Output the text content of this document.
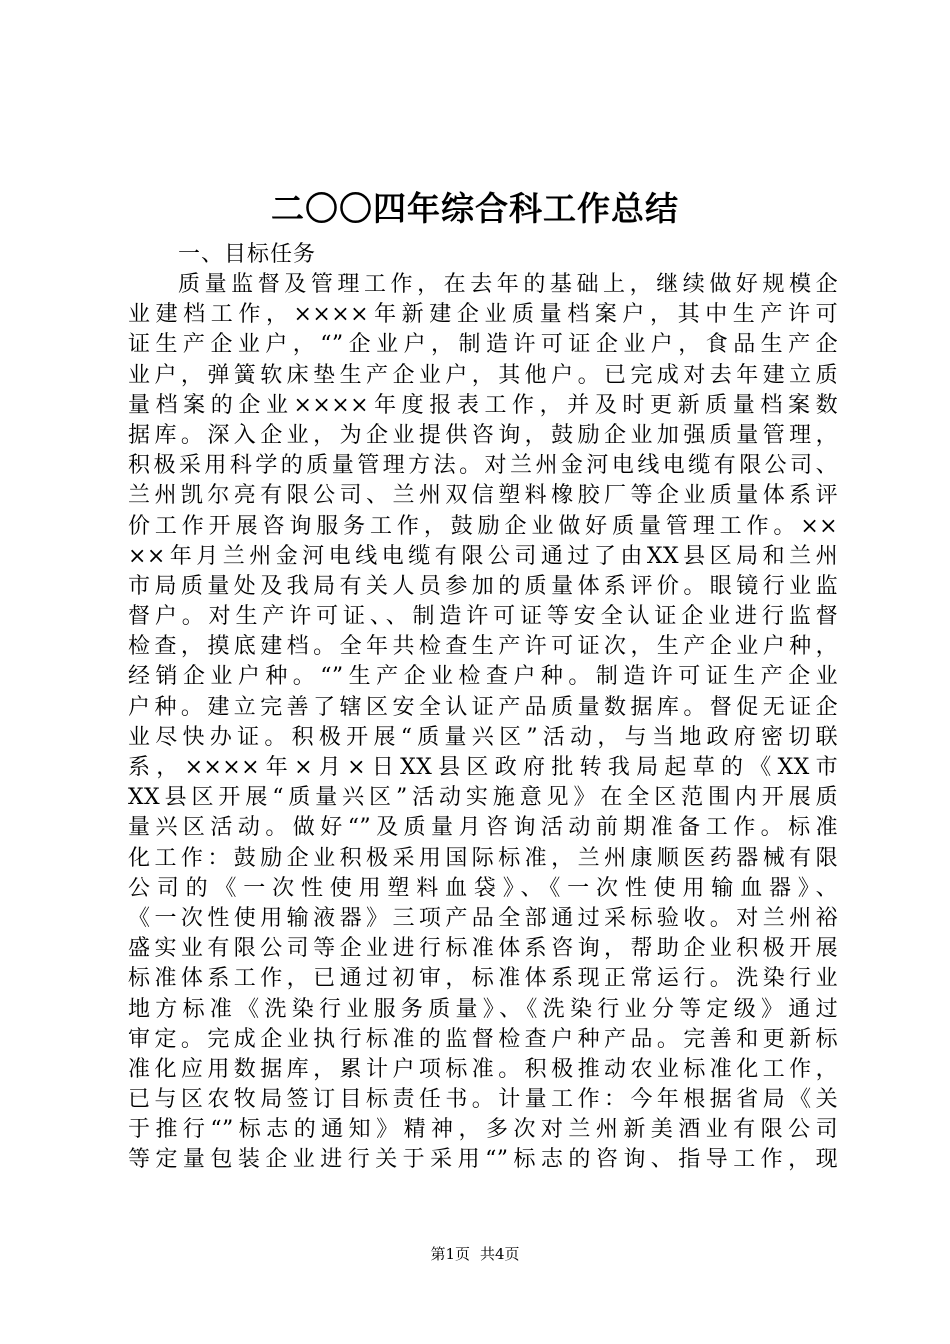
二〇〇四年综合科工作总结

一、目标任务

质量监督及管理工作，在去年的基础上，继续做好规模企
业建档工作，××××年新建企业质量档案户，其中生产许可
证生产企业户，“”企业户，制造许可证企业户，食品生产企
业户，弹簧软床垫生产企业户，其他户。已完成对去年建立质
量档案的企业××××年度报表工作，并及时更新质量档案数
据库。深入企业，为企业提供咨询，鼓励企业加强质量管理，
积极采用科学的质量管理方法。对兰州金河电线电缆有限公司、
兰州凯尔亮有限公司、兰州双信塑料橡胶厂等企业质量体系评
价工作开展咨询服务工作，鼓励企业做好质量管理工作。××
××年月兰州金河电线电缆有限公司通过了由XX县区局和兰州
市局质量处及我局有关人员参加的质量体系评价。眼镜行业监
督户。对生产许可证、、制造许可证等安全认证企业进行监督
检查，摸底建档。全年共检查生产许可证次，生产企业户种，
经销企业户种。“”生产企业检查户种。制造许可证生产企业
户种。建立完善了辖区安全认证产品质量数据库。督促无证企
业尽快办证。积极开展“质量兴区”活动，与当地政府密切联
系，××××年×月×日XX县区政府批转我局起草的《XX市
XX县区开展“质量兴区”活动实施意见》在全区范围内开展质
量兴区活动。做好“”及质量月咨询活动前期准备工作。标准
化工作：鼓励企业积极采用国际标准，兰州康顺医药器械有限
公司的《一次性使用塑料血袋》、《一次性使用输血器》、
《一次性使用输液器》三项产品全部通过采标验收。对兰州裕
盛实业有限公司等企业进行标准体系咨询，帮助企业积极开展
标准体系工作，已通过初审，标准体系现正常运行。洗染行业
地方标准《洗染行业服务质量》、《洗染行业分等定级》通过
审定。完成企业执行标准的监督检查户种产品。完善和更新标
准化应用数据库，累计户项标准。积极推动农业标准化工作，
已与区农牧局签订目标责任书。计量工作：今年根据省局《关
于推行“”标志的通知》精神，多次对兰州新美酒业有限公司
等定量包装企业进行关于采用“”标志的咨询、指导工作，现
第1页 共4页
